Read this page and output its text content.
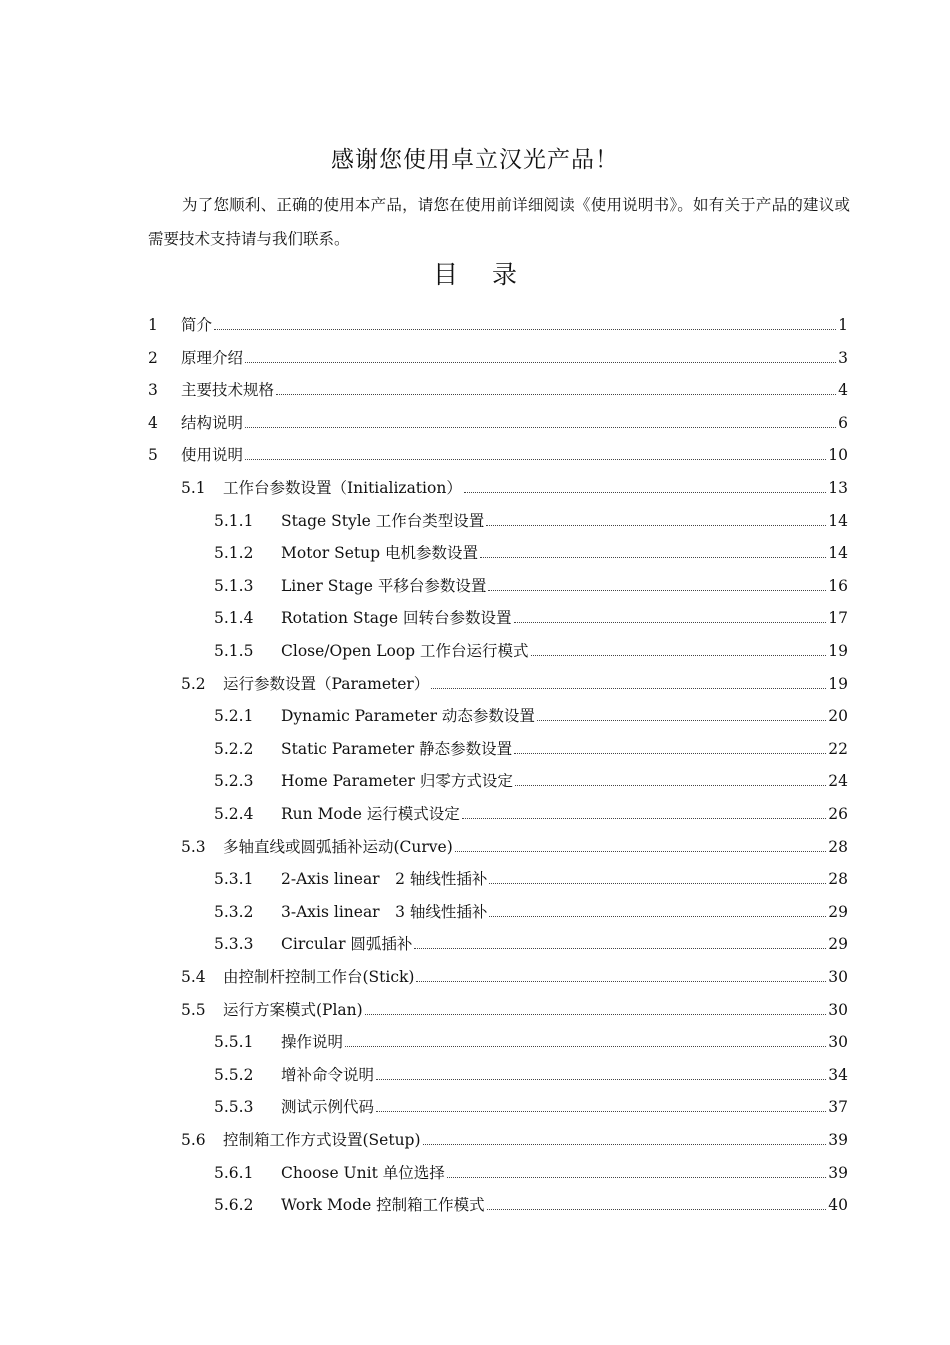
感谢您使用卓立汉光产品！
为了您顺利、正确的使用本产品，请您在使用前详细阅读《使用说明书》。如有关于产品的建议或需要技术支持请与我们联系。
目 录
1	简介	1
2	原理介绍	3
3	主要技术规格	4
4	结构说明	6
5	使用说明	10
5.1	工作台参数设置（Initialization）	13
5.1.1	Stage Style 工作台类型设置	14
5.1.2	Motor Setup 电机参数设置	14
5.1.3	Liner Stage 平移台参数设置	16
5.1.4	Rotation Stage 回转台参数设置	17
5.1.5	Close/Open Loop 工作台运行模式	19
5.2	运行参数设置（Parameter）	19
5.2.1	Dynamic Parameter 动态参数设置	20
5.2.2	Static Parameter 静态参数设置	22
5.2.3	Home Parameter 归零方式设定	24
5.2.4	Run Mode 运行模式设定	26
5.3	多轴直线或圆弧插补运动(Curve)	28
5.3.1	2-Axis linear　2 轴线性插补	28
5.3.2	3-Axis linear　3 轴线性插补	29
5.3.3	Circular 圆弧插补	29
5.4	由控制杆控制工作台(Stick)	30
5.5	运行方案模式(Plan)	30
5.5.1	操作说明	30
5.5.2	增补命令说明	34
5.5.3	测试示例代码	37
5.6	控制箱工作方式设置(Setup)	39
5.6.1	Choose Unit 单位选择	39
5.6.2	Work Mode 控制箱工作模式	40
